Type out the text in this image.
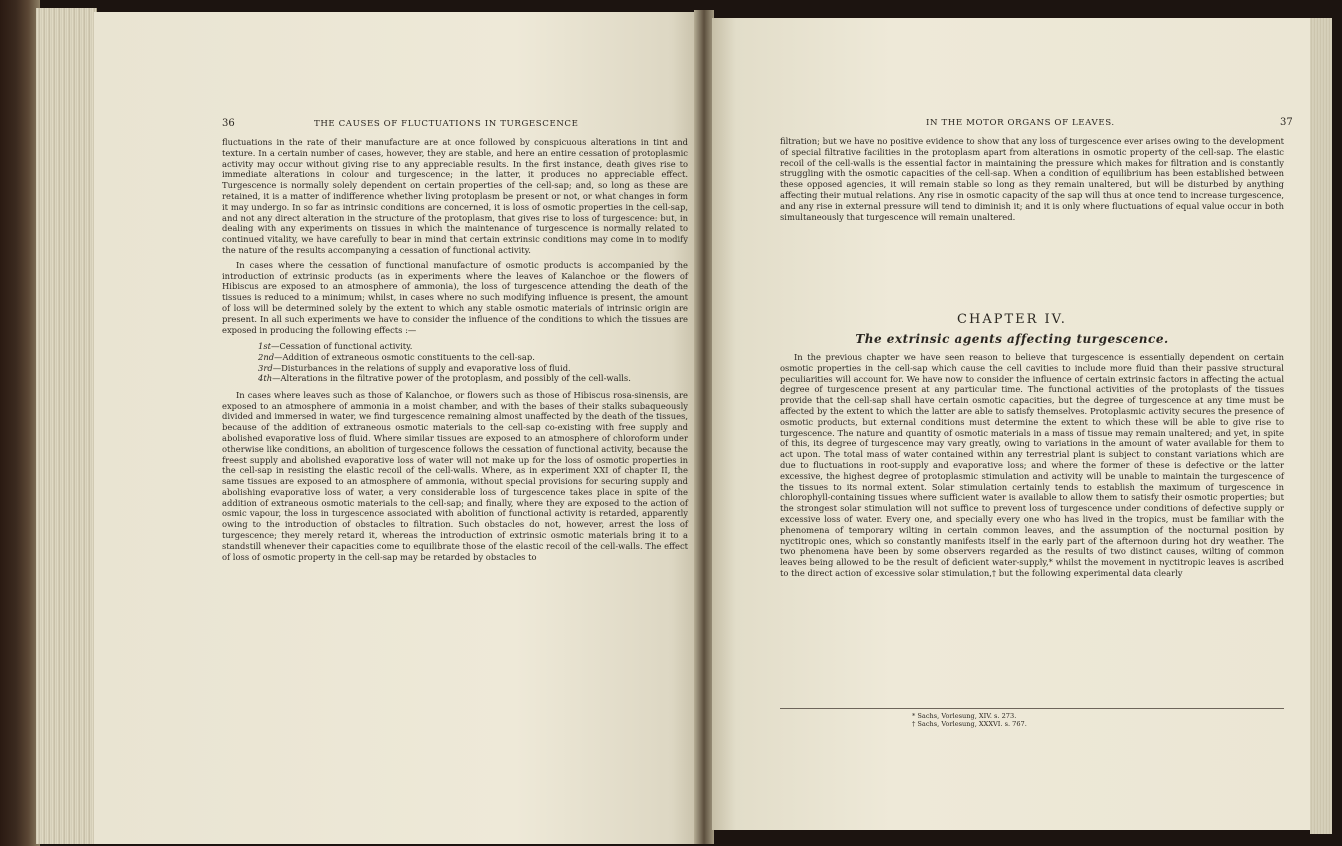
36	THE CAUSES OF FLUCTUATIONS IN TURGESCENCE

fluctuations in the rate of their manufacture are at once followed by conspicuous alterations in tint and texture. In a certain number of cases, however, they are stable, and here an entire cessation of protoplasmic activity may occur without giving rise to any appreciable results. In the first instance, death gives rise to immediate alterations in colour and turgescence; in the latter, it produces no appreciable effect. Turgescence is normally solely dependent on certain properties of the cell-sap; and, so long as these are retained, it is a matter of indifference whether living protoplasm be present or not, or what changes in form it may undergo. In so far as intrinsic conditions are concerned, it is loss of osmotic properties in the cell-sap, and not any direct alteration in the structure of the protoplasm, that gives rise to loss of turgescence: but, in dealing with any experiments on tissues in which the maintenance of turgescence is normally related to continued vitality, we have carefully to bear in mind that certain extrinsic conditions may come in to modify the nature of the results accompanying a cessation of functional activity.

In cases where the cessation of functional manufacture of osmotic products is accompanied by the introduction of extrinsic products (as in experiments where the leaves of Kalanchoe or the flowers of Hibiscus are exposed to an atmosphere of ammonia), the loss of turgescence attending the death of the tissues is reduced to a minimum; whilst, in cases where no such modifying influence is present, the amount of loss will be determined solely by the extent to which any stable osmotic materials of intrinsic origin are present. In all such experiments we have to consider the influence of the conditions to which the tissues are exposed in producing the following effects :—

1st—Cessation of functional activity.
2nd—Addition of extraneous osmotic constituents to the cell-sap.
3rd—Disturbances in the relations of supply and evaporative loss of fluid.
4th—Alterations in the filtrative power of the protoplasm, and possibly of the cell-walls.

In cases where leaves such as those of Kalanchoe, or flowers such as those of Hibiscus rosa-sinensis, are exposed to an atmosphere of ammonia in a moist chamber, and with the bases of their stalks subaqueously divided and immersed in water, we find turgescence remaining almost unaffected by the death of the tissues, because of the addition of extraneous osmotic materials to the cell-sap co-existing with free supply and abolished evaporative loss of fluid. Where similar tissues are exposed to an atmosphere of chloroform under otherwise like conditions, an abolition of turgescence follows the cessation of functional activity, because the freest supply and abolished evaporative loss of water will not make up for the loss of osmotic properties in the cell-sap in resisting the elastic recoil of the cell-walls. Where, as in experiment XXI of chapter II, the same tissues are exposed to an atmosphere of ammonia, without special provisions for securing supply and abolishing evaporative loss of water, a very considerable loss of turgescence takes place in spite of the addition of extraneous osmotic materials to the cell-sap; and finally, where they are exposed to the action of osmic vapour, the loss in turgescence associated with abolition of functional activity is retarded, apparently owing to the introduction of obstacles to filtration. Such obstacles do not, however, arrest the loss of turgescence; they merely retard it, whereas the introduction of extrinsic osmotic materials bring it to a standstill whenever their capacities come to equilibrate those of the elastic recoil of the cell-walls. The effect of loss of osmotic property in the cell-sap may be retarded by obstacles to

IN THE MOTOR ORGANS OF LEAVES.	37

filtration; but we have no positive evidence to show that any loss of turgescence ever arises owing to the development of special filtrative facilities in the protoplasm apart from alterations in osmotic property of the cell-sap. The elastic recoil of the cell-walls is the essential factor in maintaining the pressure which makes for filtration and is constantly struggling with the osmotic capacities of the cell-sap. When a condition of equilibrium has been established between these opposed agencies, it will remain stable so long as they remain unaltered, but will be disturbed by anything affecting their mutual relations. Any rise in osmotic capacity of the sap will thus at once tend to increase turgescence, and any rise in external pressure will tend to diminish it; and it is only where fluctuations of equal value occur in both simultaneously that turgescence will remain unaltered.

CHAPTER IV.
The extrinsic agents affecting turgescence.

In the previous chapter we have seen reason to believe that turgescence is essentially dependent on certain osmotic properties in the cell-sap which cause the cell cavities to include more fluid than their passive structural peculiarities will account for. We have now to consider the influence of certain extrinsic factors in affecting the actual degree of turgescence present at any particular time. The functional activities of the protoplasts of the tissues provide that the cell-sap shall have certain osmotic capacities, but the degree of turgescence at any time must be affected by the extent to which the latter are able to satisfy themselves. Protoplasmic activity secures the presence of osmotic products, but external conditions must determine the extent to which these will be able to give rise to turgescence. The nature and quantity of osmotic materials in a mass of tissue may remain unaltered; and yet, in spite of this, its degree of turgescence may vary greatly, owing to variations in the amount of water available for them to act upon. The total mass of water contained within any terrestrial plant is subject to constant variations which are due to fluctuations in root-supply and evaporative loss; and where the former of these is defective or the latter excessive, the highest degree of protoplasmic stimulation and activity will be unable to maintain the turgescence of the tissues to its normal extent. Solar stimulation certainly tends to establish the maximum of turgescence in chlorophyll-containing tissues where sufficient water is available to allow them to satisfy their osmotic properties; but the strongest solar stimulation will not suffice to prevent loss of turgescence under conditions of defective supply or excessive loss of water. Every one, and specially every one who has lived in the tropics, must be familiar with the phenomena of temporary wilting in certain common leaves, and the assumption of the nocturnal position by nyctitropic ones, which so constantly manifests itself in the early part of the afternoon during hot dry weather. The two phenomena have been by some observers regarded as the results of two distinct causes, wilting of common leaves being allowed to be the result of deficient water-supply,* whilst the movement in nyctitropic leaves is ascribed to the direct action of excessive solar stimulation,† but the following experimental data clearly

* Sachs, Vorlesung, XIV. s. 273.
† Sachs, Vorlesung, XXXVI. s. 767.
